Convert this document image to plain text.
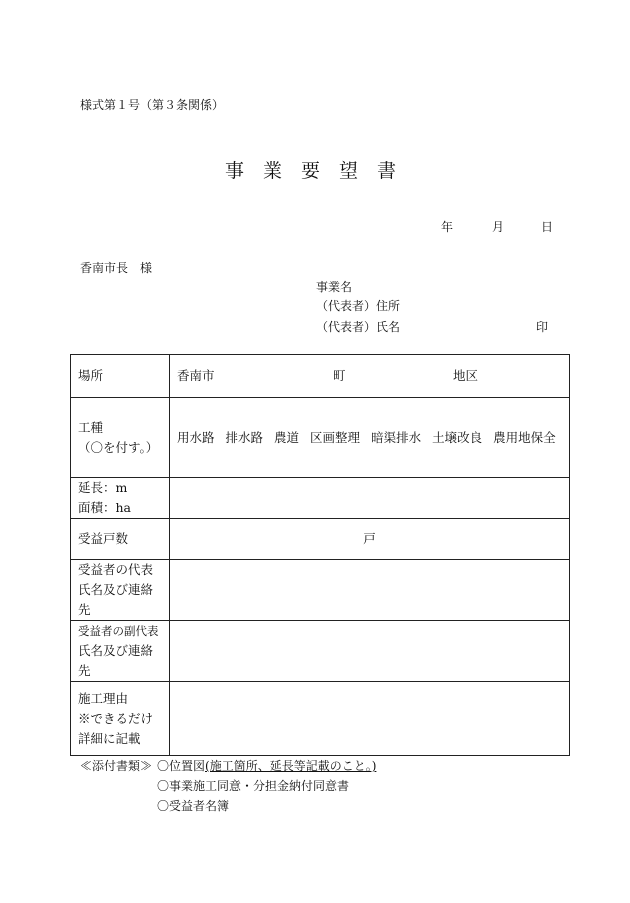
様式第１号（第３条関係）
事業要望書
年	月	日
香南市長　様
事業名
（代表者）住所
（代表者）氏名	印
場所	香南市 町 地区

工種
（〇を付す。）	用水路 排水路 農道 区画整理 暗渠排水 土壌改良 農用地保全

延長：m
面積：ha	

受益戸数	戸

受益者の代表
氏名及び連絡
先	

受益者の副代表
氏名及び連絡
先	

施工理由
※できるだけ
詳細に記載	

≪添付書類≫ 〇位置図(施工箇所、延長等記載のこと。)
〇事業施工同意・分担金納付同意書
〇受益者名簿
